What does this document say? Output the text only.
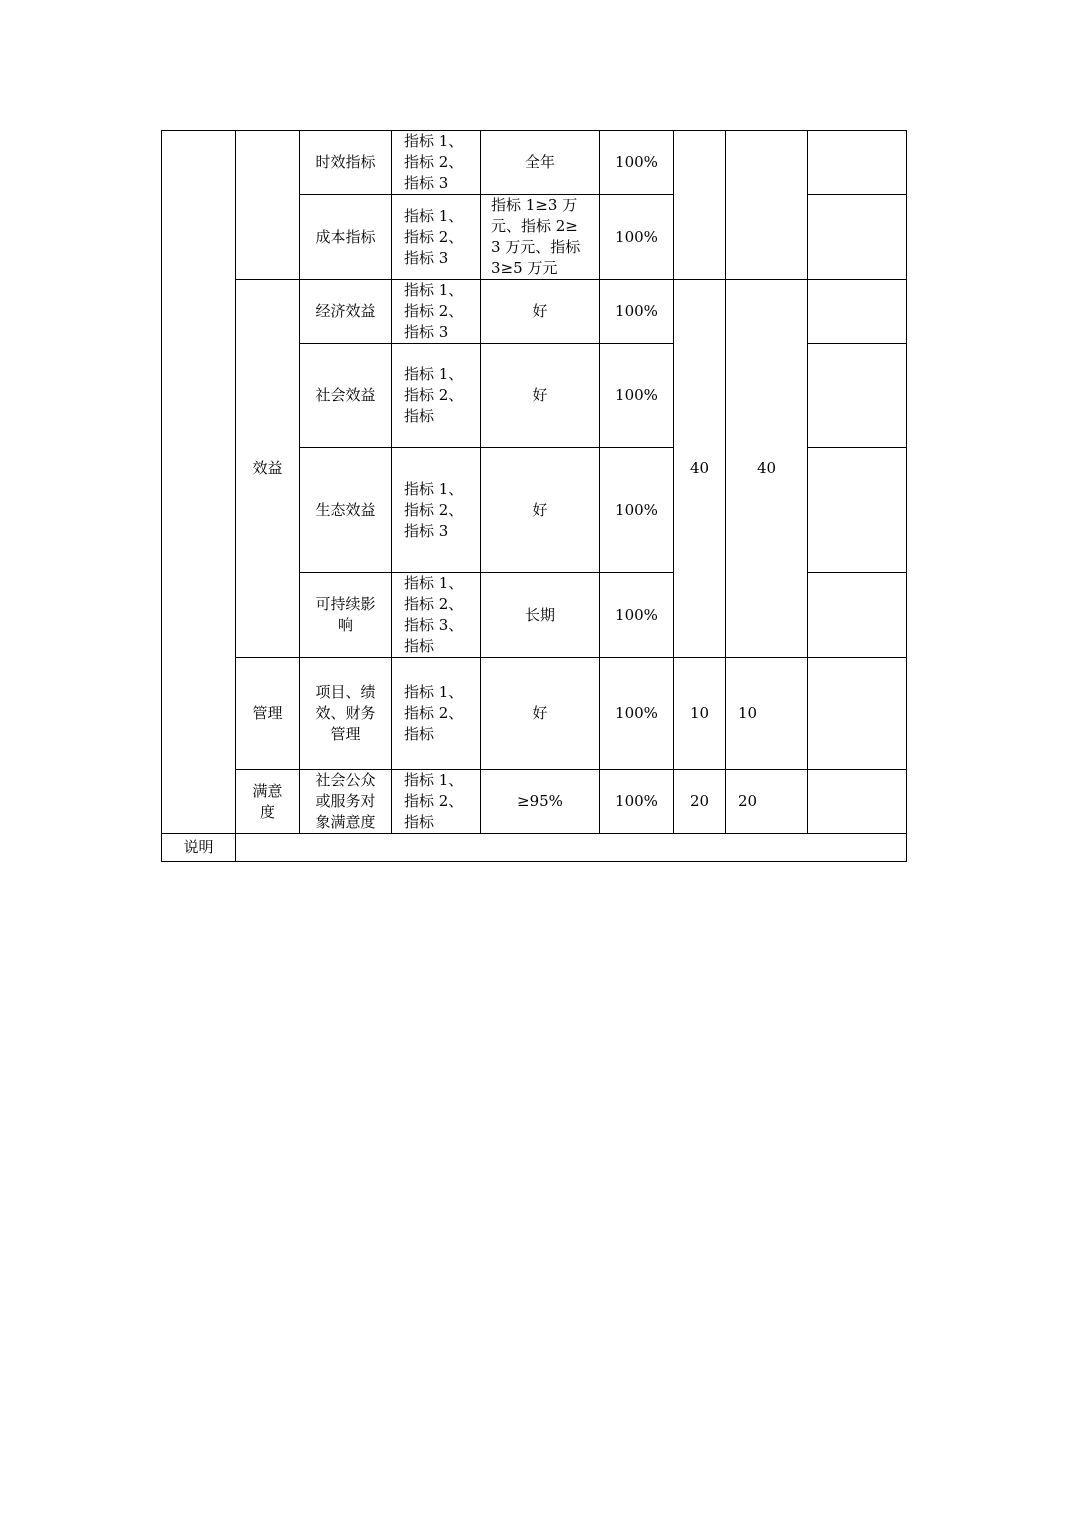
		时效指标	指标 1、
指标 2、
指标 3	全年	100%			
		成本指标	指标 1、
指标 2、
指标 3	指标 1≥3 万
元、指标 2≥
3 万元、指标
3≥5 万元	100%			
	效益	经济效益	指标 1、
指标 2、
指标 3	好	100%	40	40	
		社会效益	指标 1、
指标 2、
指标	好	100%			
		生态效益	指标 1、
指标 2、
指标 3	好	100%			
		可持续影
响	指标 1、
指标 2、
指标 3、
指标	长期	100%			
	管理	项目、绩
效、财务
管理	指标 1、
指标 2、
指标	好	100%	10	10	
	满意
度	社会公众
或服务对
象满意度	指标 1、
指标 2、
指标	≥95%	100%	20	20	
说明								
